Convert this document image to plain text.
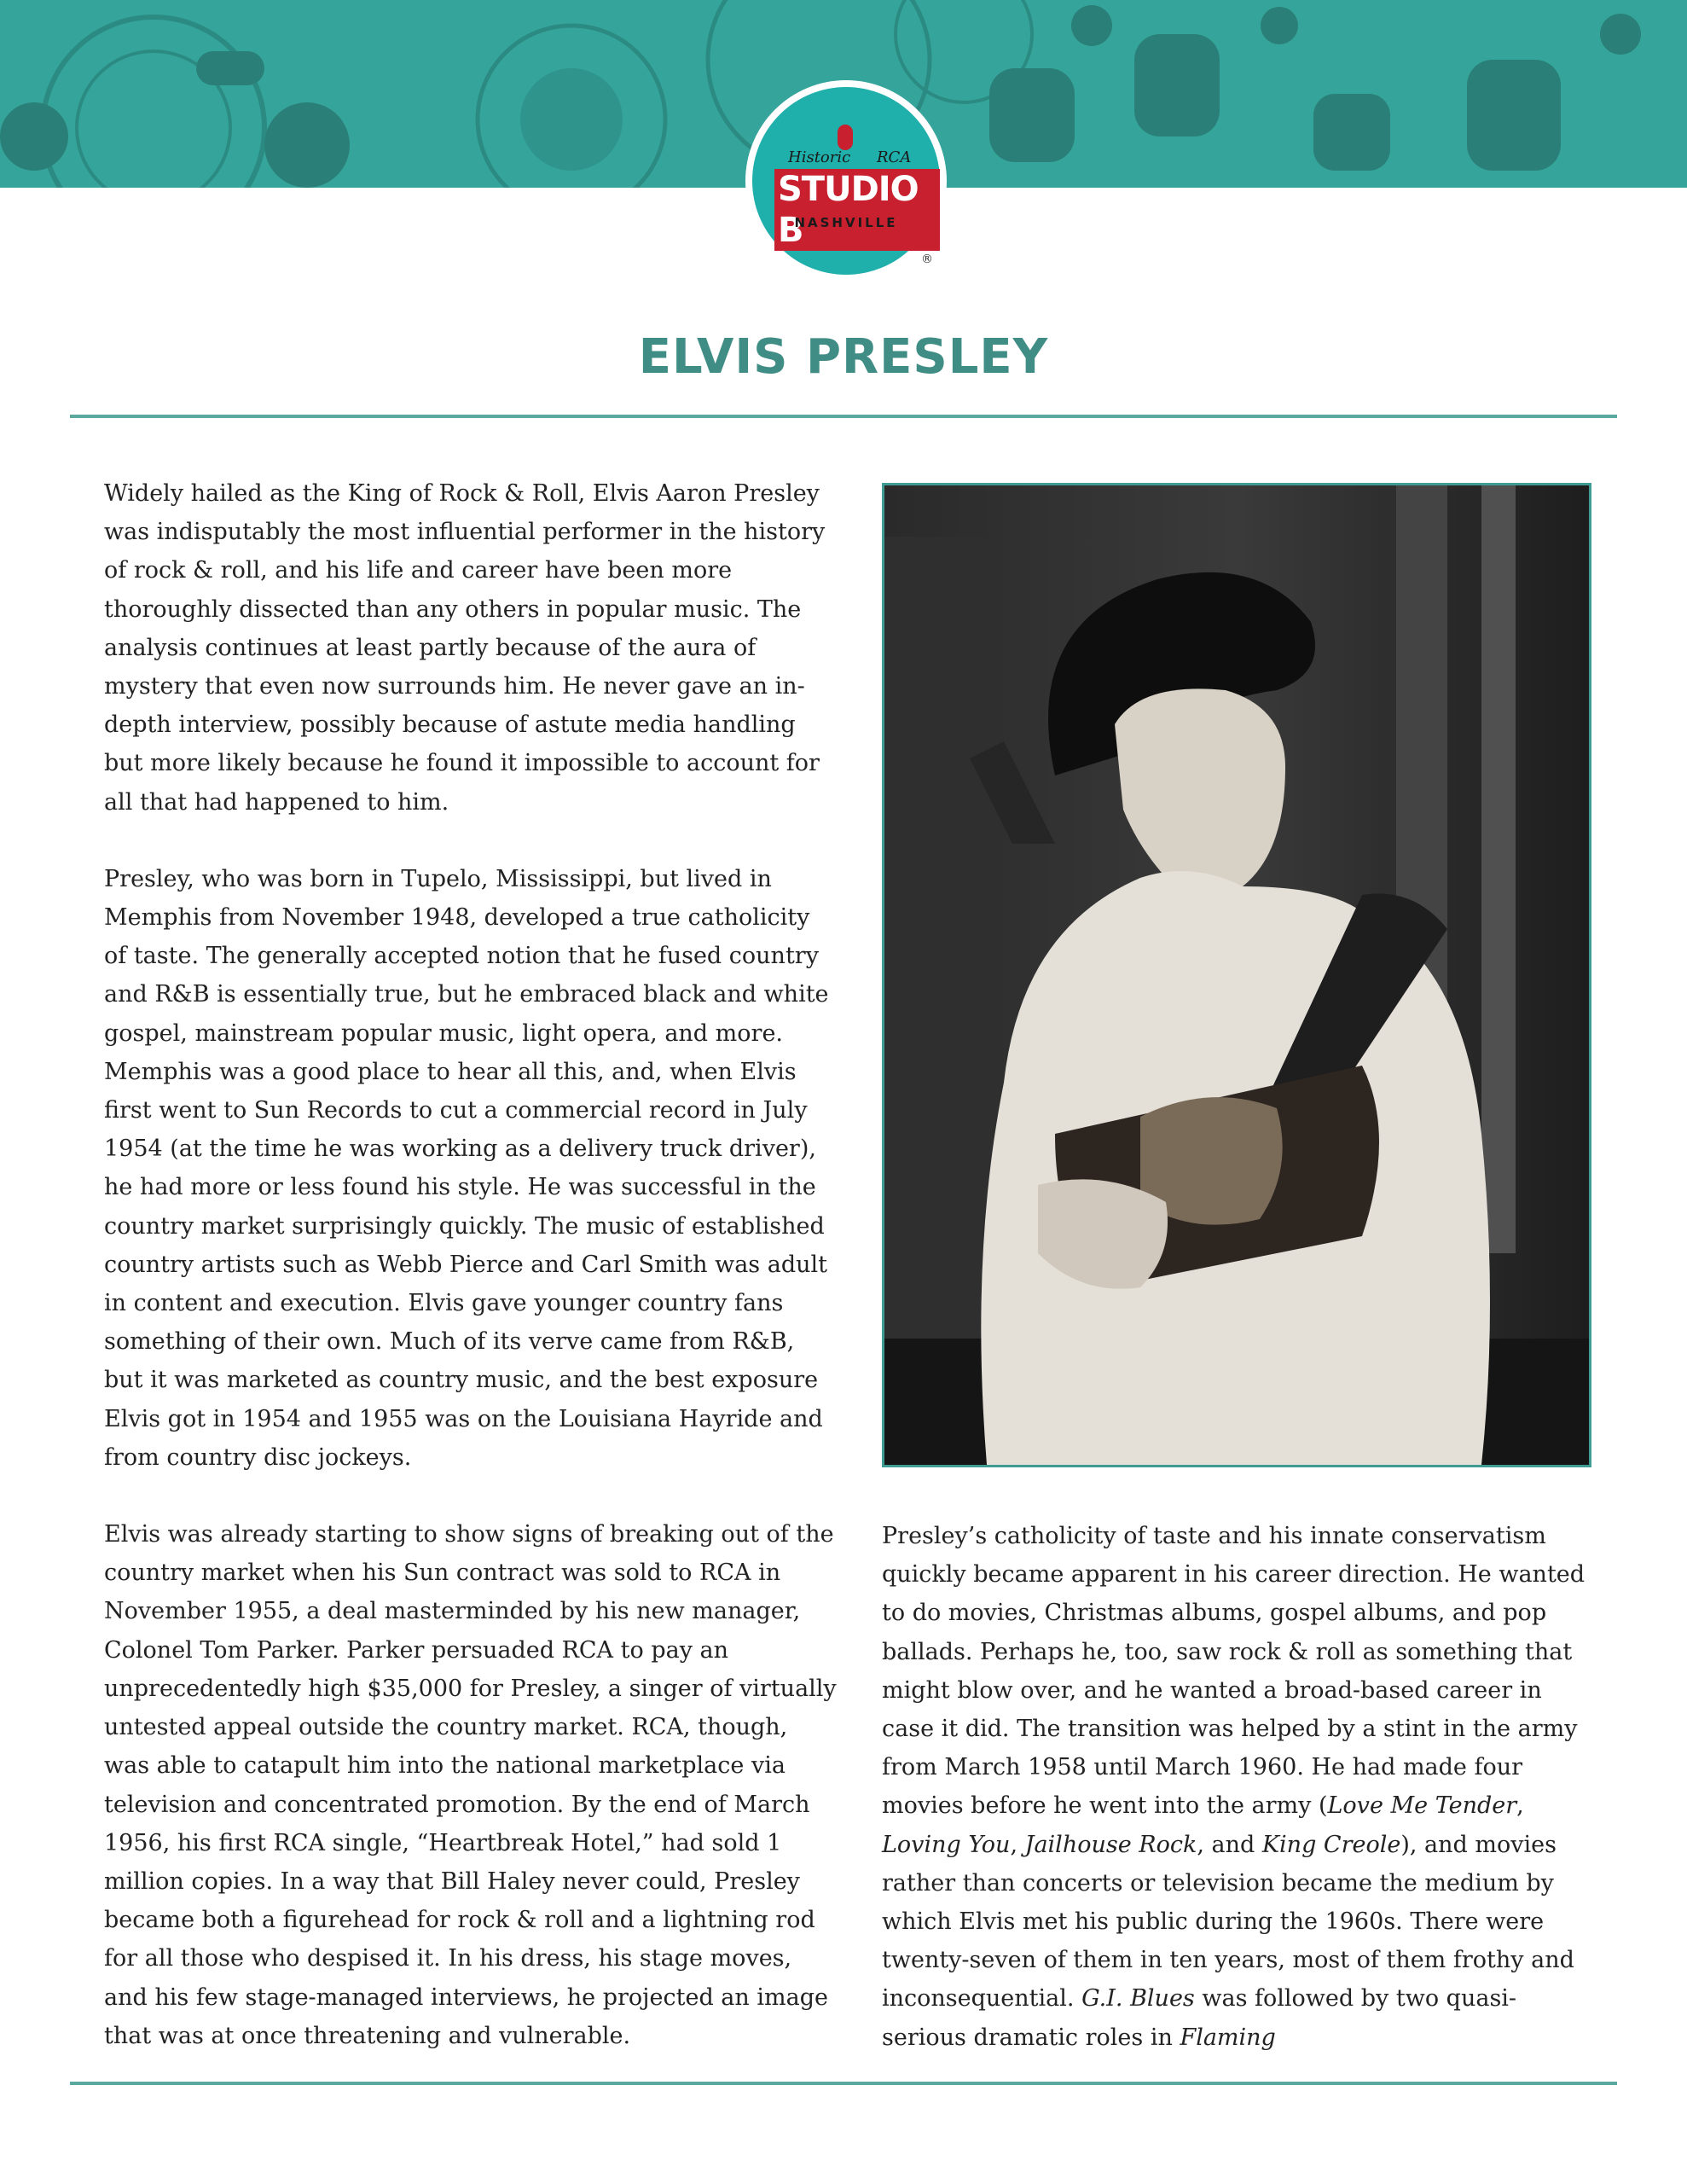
Historic RCA
STUDIO B
NASHVILLE
®
ELVIS PRESLEY

Widely hailed as the King of Rock & Roll, Elvis Aaron Presley was indisputably the most influential performer in the history of rock & roll, and his life and career have been more thoroughly dissected than any others in popular music. The analysis continues at least partly because of the aura of mystery that even now surrounds him. He never gave an in-depth interview, possibly because of astute media handling but more likely because he found it impossible to account for all that had happened to him.

Presley, who was born in Tupelo, Mississippi, but lived in Memphis from November 1948, developed a true catholicity of taste. The generally accepted notion that he fused country and R&B is essentially true, but he embraced black and white gospel, mainstream popular music, light opera, and more. Memphis was a good place to hear all this, and, when Elvis first went to Sun Records to cut a commercial record in July 1954 (at the time he was working as a delivery truck driver), he had more or less found his style. He was successful in the country market surprisingly quickly. The music of established country artists such as Webb Pierce and Carl Smith was adult in content and execution. Elvis gave younger country fans something of their own. Much of its verve came from R&B, but it was marketed as country music, and the best exposure Elvis got in 1954 and 1955 was on the Louisiana Hayride and from country disc jockeys.

Elvis was already starting to show signs of breaking out of the country market when his Sun contract was sold to RCA in November 1955, a deal masterminded by his new manager, Colonel Tom Parker. Parker persuaded RCA to pay an unprecedentedly high $35,000 for Presley, a singer of virtually untested appeal outside the country market. RCA, though, was able to catapult him into the national marketplace via television and concentrated promotion. By the end of March 1956, his first RCA single, “Heartbreak Hotel,” had sold 1 million copies. In a way that Bill Haley never could, Presley became both a figurehead for rock & roll and a lightning rod for all those who despised it. In his dress, his stage moves, and his few stage-managed interviews, he projected an image that was at once threatening and vulnerable.

Presley’s catholicity of taste and his innate conservatism quickly became apparent in his career direction. He wanted to do movies, Christmas albums, gospel albums, and pop ballads. Perhaps he, too, saw rock & roll as something that might blow over, and he wanted a broad-based career in case it did. The transition was helped by a stint in the army from March 1958 until March 1960. He had made four movies before he went into the army (Love Me Tender, Loving You, Jailhouse Rock, and King Creole), and movies rather than concerts or television became the medium by which Elvis met his public during the 1960s. There were twenty-seven of them in ten years, most of them frothy and inconsequential. G.I. Blues was followed by two quasi-serious dramatic roles in Flaming
